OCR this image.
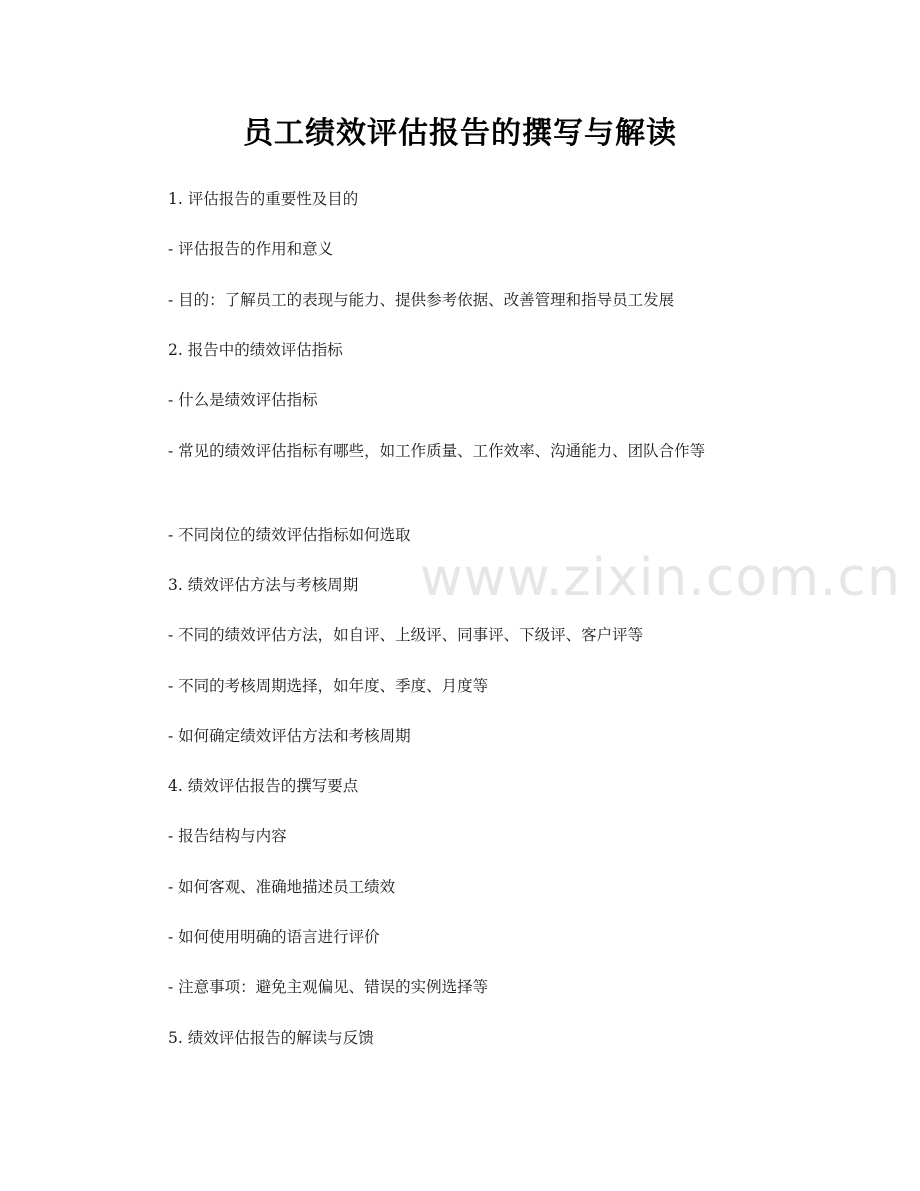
www.zixin.com.cn
员工绩效评估报告的撰写与解读

1. 评估报告的重要性及目的

- 评估报告的作用和意义

- 目的：了解员工的表现与能力、提供参考依据、改善管理和指导员工发展

2. 报告中的绩效评估指标

- 什么是绩效评估指标

- 常见的绩效评估指标有哪些，如工作质量、工作效率、沟通能力、团队合作等

- 不同岗位的绩效评估指标如何选取

3. 绩效评估方法与考核周期

- 不同的绩效评估方法，如自评、上级评、同事评、下级评、客户评等

- 不同的考核周期选择，如年度、季度、月度等

- 如何确定绩效评估方法和考核周期

4. 绩效评估报告的撰写要点

- 报告结构与内容

- 如何客观、准确地描述员工绩效

- 如何使用明确的语言进行评价

- 注意事项：避免主观偏见、错误的实例选择等

5. 绩效评估报告的解读与反馈
